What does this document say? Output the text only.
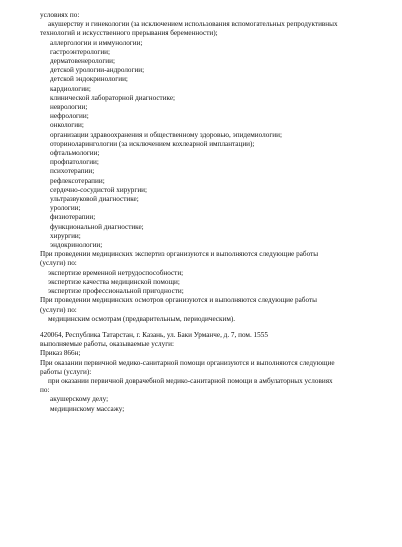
условиях по:
акушерству и гинекологии (за исключением использования вспомогательных репродуктивных
технологий и искусственного прерывания беременности);
аллергологии и иммунологии;
гастроэнтерологии;
дерматовенерологии;
детской урологии-андрологии;
детской эндокринологии;
кардиологии;
клинической лабораторной диагностике;
неврологии;
нефрологии;
онкологии;
организации здравоохранения и общественному здоровью, эпидемиологии;
оториноларингологии (за исключением кохлеарной имплантации);
офтальмологии;
профпатологии;
психотерапии;
рефлексотерапии;
сердечно-сосудистой хирургии;
ультразвуковой диагностике;
урологии;
физиотерапии;
функциональной диагностике;
хирургии;
эндокринологии;
При проведении медицинских экспертиз организуются и выполняются следующие работы
(услуги) по:
экспертизе временной нетрудоспособности;
экспертизе качества медицинской помощи;
экспертизе профессиональной пригодности;
При проведении медицинских осмотров организуются и выполняются следующие работы
(услуги) по:
медицинским осмотрам (предварительным, периодическим).
420064, Республика Татарстан, г. Казань, ул. Баки Урманче, д. 7, пом. 1555
выполняемые работы, оказываемые услуги:
Приказ 866н;
При оказании первичной медико-санитарной помощи организуются и выполняются следующие
работы (услуги):
при оказании первичной доврачебной медико-санитарной помощи в амбулаторных условиях
по:
акушерскому делу;
медицинскому массажу;
